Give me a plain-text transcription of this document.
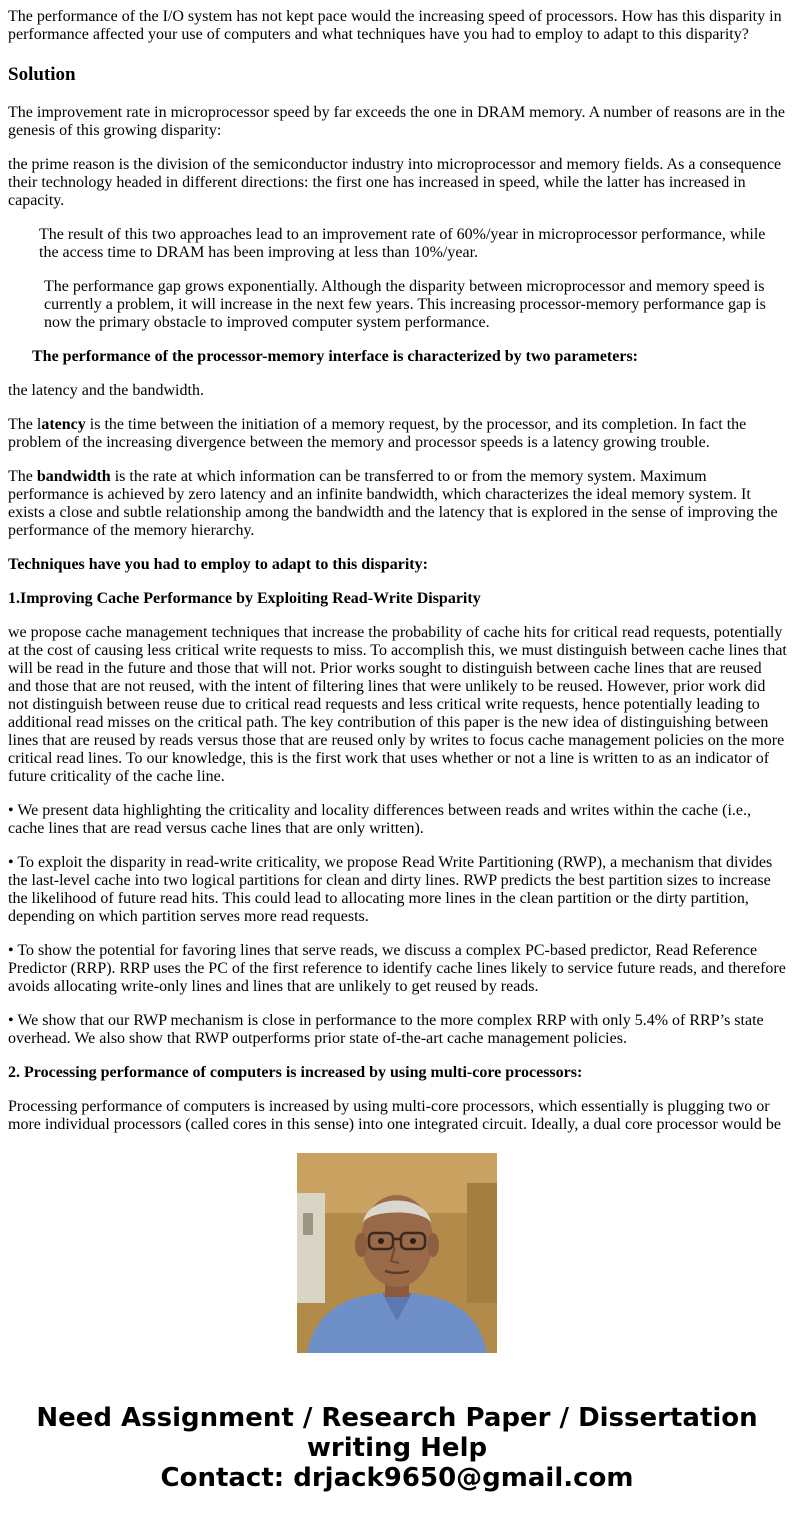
The performance of the I/O system has not kept pace would the increasing speed of processors. How has this disparity in performance affected your use of computers and what techniques have you had to employ to adapt to this disparity?

Solution

The improvement rate in microprocessor speed by far exceeds the one in DRAM memory. A number of reasons are in the genesis of this growing disparity:

the prime reason is the division of the semiconductor industry into microprocessor and memory fields. As a consequence their technology headed in different directions: the first one has increased in speed, while the latter has increased in capacity.

The result of this two approaches lead to an improvement rate of 60%/year in microprocessor performance, while the access time to DRAM has been improving at less than 10%/year.

The performance gap grows exponentially. Although the disparity between microprocessor and memory speed is currently a problem, it will increase in the next few years. This increasing processor-memory performance gap is now the primary obstacle to improved computer system performance.

The performance of the processor-memory interface is characterized by two parameters:

the latency and the bandwidth.

The latency is the time between the initiation of a memory request, by the processor, and its completion. In fact the problem of the increasing divergence between the memory and processor speeds is a latency growing trouble.

The bandwidth is the rate at which information can be transferred to or from the memory system. Maximum performance is achieved by zero latency and an infinite bandwidth, which characterizes the ideal memory system. It exists a close and subtle relationship among the bandwidth and the latency that is explored in the sense of improving the performance of the memory hierarchy.

Techniques have you had to employ to adapt to this disparity:

1.Improving Cache Performance by Exploiting Read-Write Disparity

we propose cache management techniques that increase the probability of cache hits for critical read requests, potentially at the cost of causing less critical write requests to miss. To accomplish this, we must distinguish between cache lines that will be read in the future and those that will not. Prior works sought to distinguish between cache lines that are reused and those that are not reused, with the intent of filtering lines that were unlikely to be reused. However, prior work did not distinguish between reuse due to critical read requests and less critical write requests, hence potentially leading to additional read misses on the critical path. The key contribution of this paper is the new idea of distinguishing between lines that are reused by reads versus those that are reused only by writes to focus cache management policies on the more critical read lines. To our knowledge, this is the first work that uses whether or not a line is written to as an indicator of future criticality of the cache line.

• We present data highlighting the criticality and locality differences between reads and writes within the cache (i.e., cache lines that are read versus cache lines that are only written).

• To exploit the disparity in read-write criticality, we propose Read Write Partitioning (RWP), a mechanism that divides the last-level cache into two logical partitions for clean and dirty lines. RWP predicts the best partition sizes to increase the likelihood of future read hits. This could lead to allocating more lines in the clean partition or the dirty partition, depending on which partition serves more read requests.

• To show the potential for favoring lines that serve reads, we discuss a complex PC-based predictor, Read Reference Predictor (RRP). RRP uses the PC of the first reference to identify cache lines likely to service future reads, and therefore avoids allocating write-only lines and lines that are unlikely to get reused by reads.

• We show that our RWP mechanism is close in performance to the more complex RRP with only 5.4% of RRP’s state overhead. We also show that RWP outperforms prior state of-the-art cache management policies.

2. Processing performance of computers is increased by using multi-core processors:

Processing performance of computers is increased by using multi-core processors, which essentially is plugging two or more individual processors (called cores in this sense) into one integrated circuit. Ideally, a dual core processor would be

Need Assignment / Research Paper / Dissertation
writing Help
Contact: drjack9650@gmail.com
